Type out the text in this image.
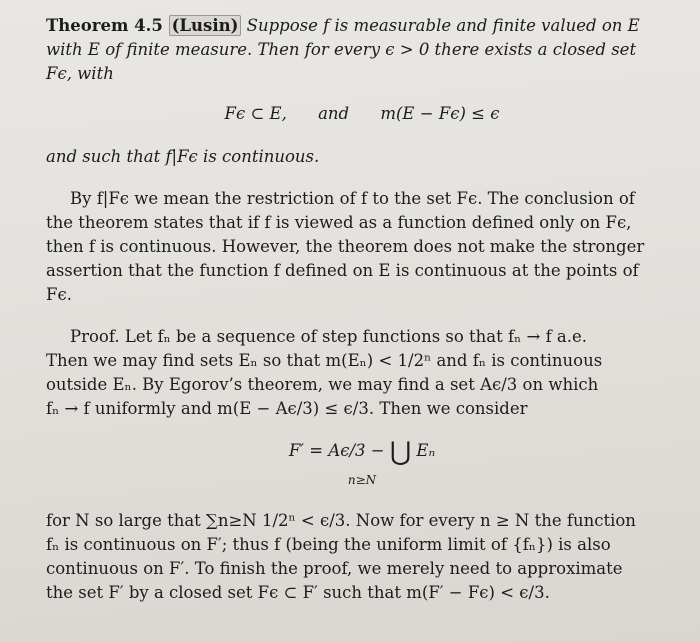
Theorem 4.5 (Lusin) Suppose f is measurable and finite valued on E
with E of finite measure. Then for every ϵ > 0 there exists a closed set
Fϵ, with
Fϵ ⊂ E, and m(E − Fϵ) ≤ ϵ
and such that f|Fϵ is continuous.
By f|Fϵ we mean the restriction of f to the set Fϵ. The conclusion of
the theorem states that if f is viewed as a function defined only on Fϵ,
then f is continuous. However, the theorem does not make the stronger
assertion that the function f defined on E is continuous at the points of
Fϵ.
Proof. Let fₙ be a sequence of step functions so that fₙ → f a.e.
Then we may find sets Eₙ so that m(Eₙ) < 1/2ⁿ and fₙ is continuous
outside Eₙ. By Egorov’s theorem, we may find a set Aϵ/3 on which
fₙ → f uniformly and m(E − Aϵ/3) ≤ ϵ/3. Then we consider
F′ = Aϵ/3 − ⋃ Eₙ
n≥N
for N so large that ∑n≥N 1/2ⁿ < ϵ/3. Now for every n ≥ N the function
fₙ is continuous on F′; thus f (being the uniform limit of {fₙ}) is also
continuous on F′. To finish the proof, we merely need to approximate
the set F′ by a closed set Fϵ ⊂ F′ such that m(F′ − Fϵ) < ϵ/3.
